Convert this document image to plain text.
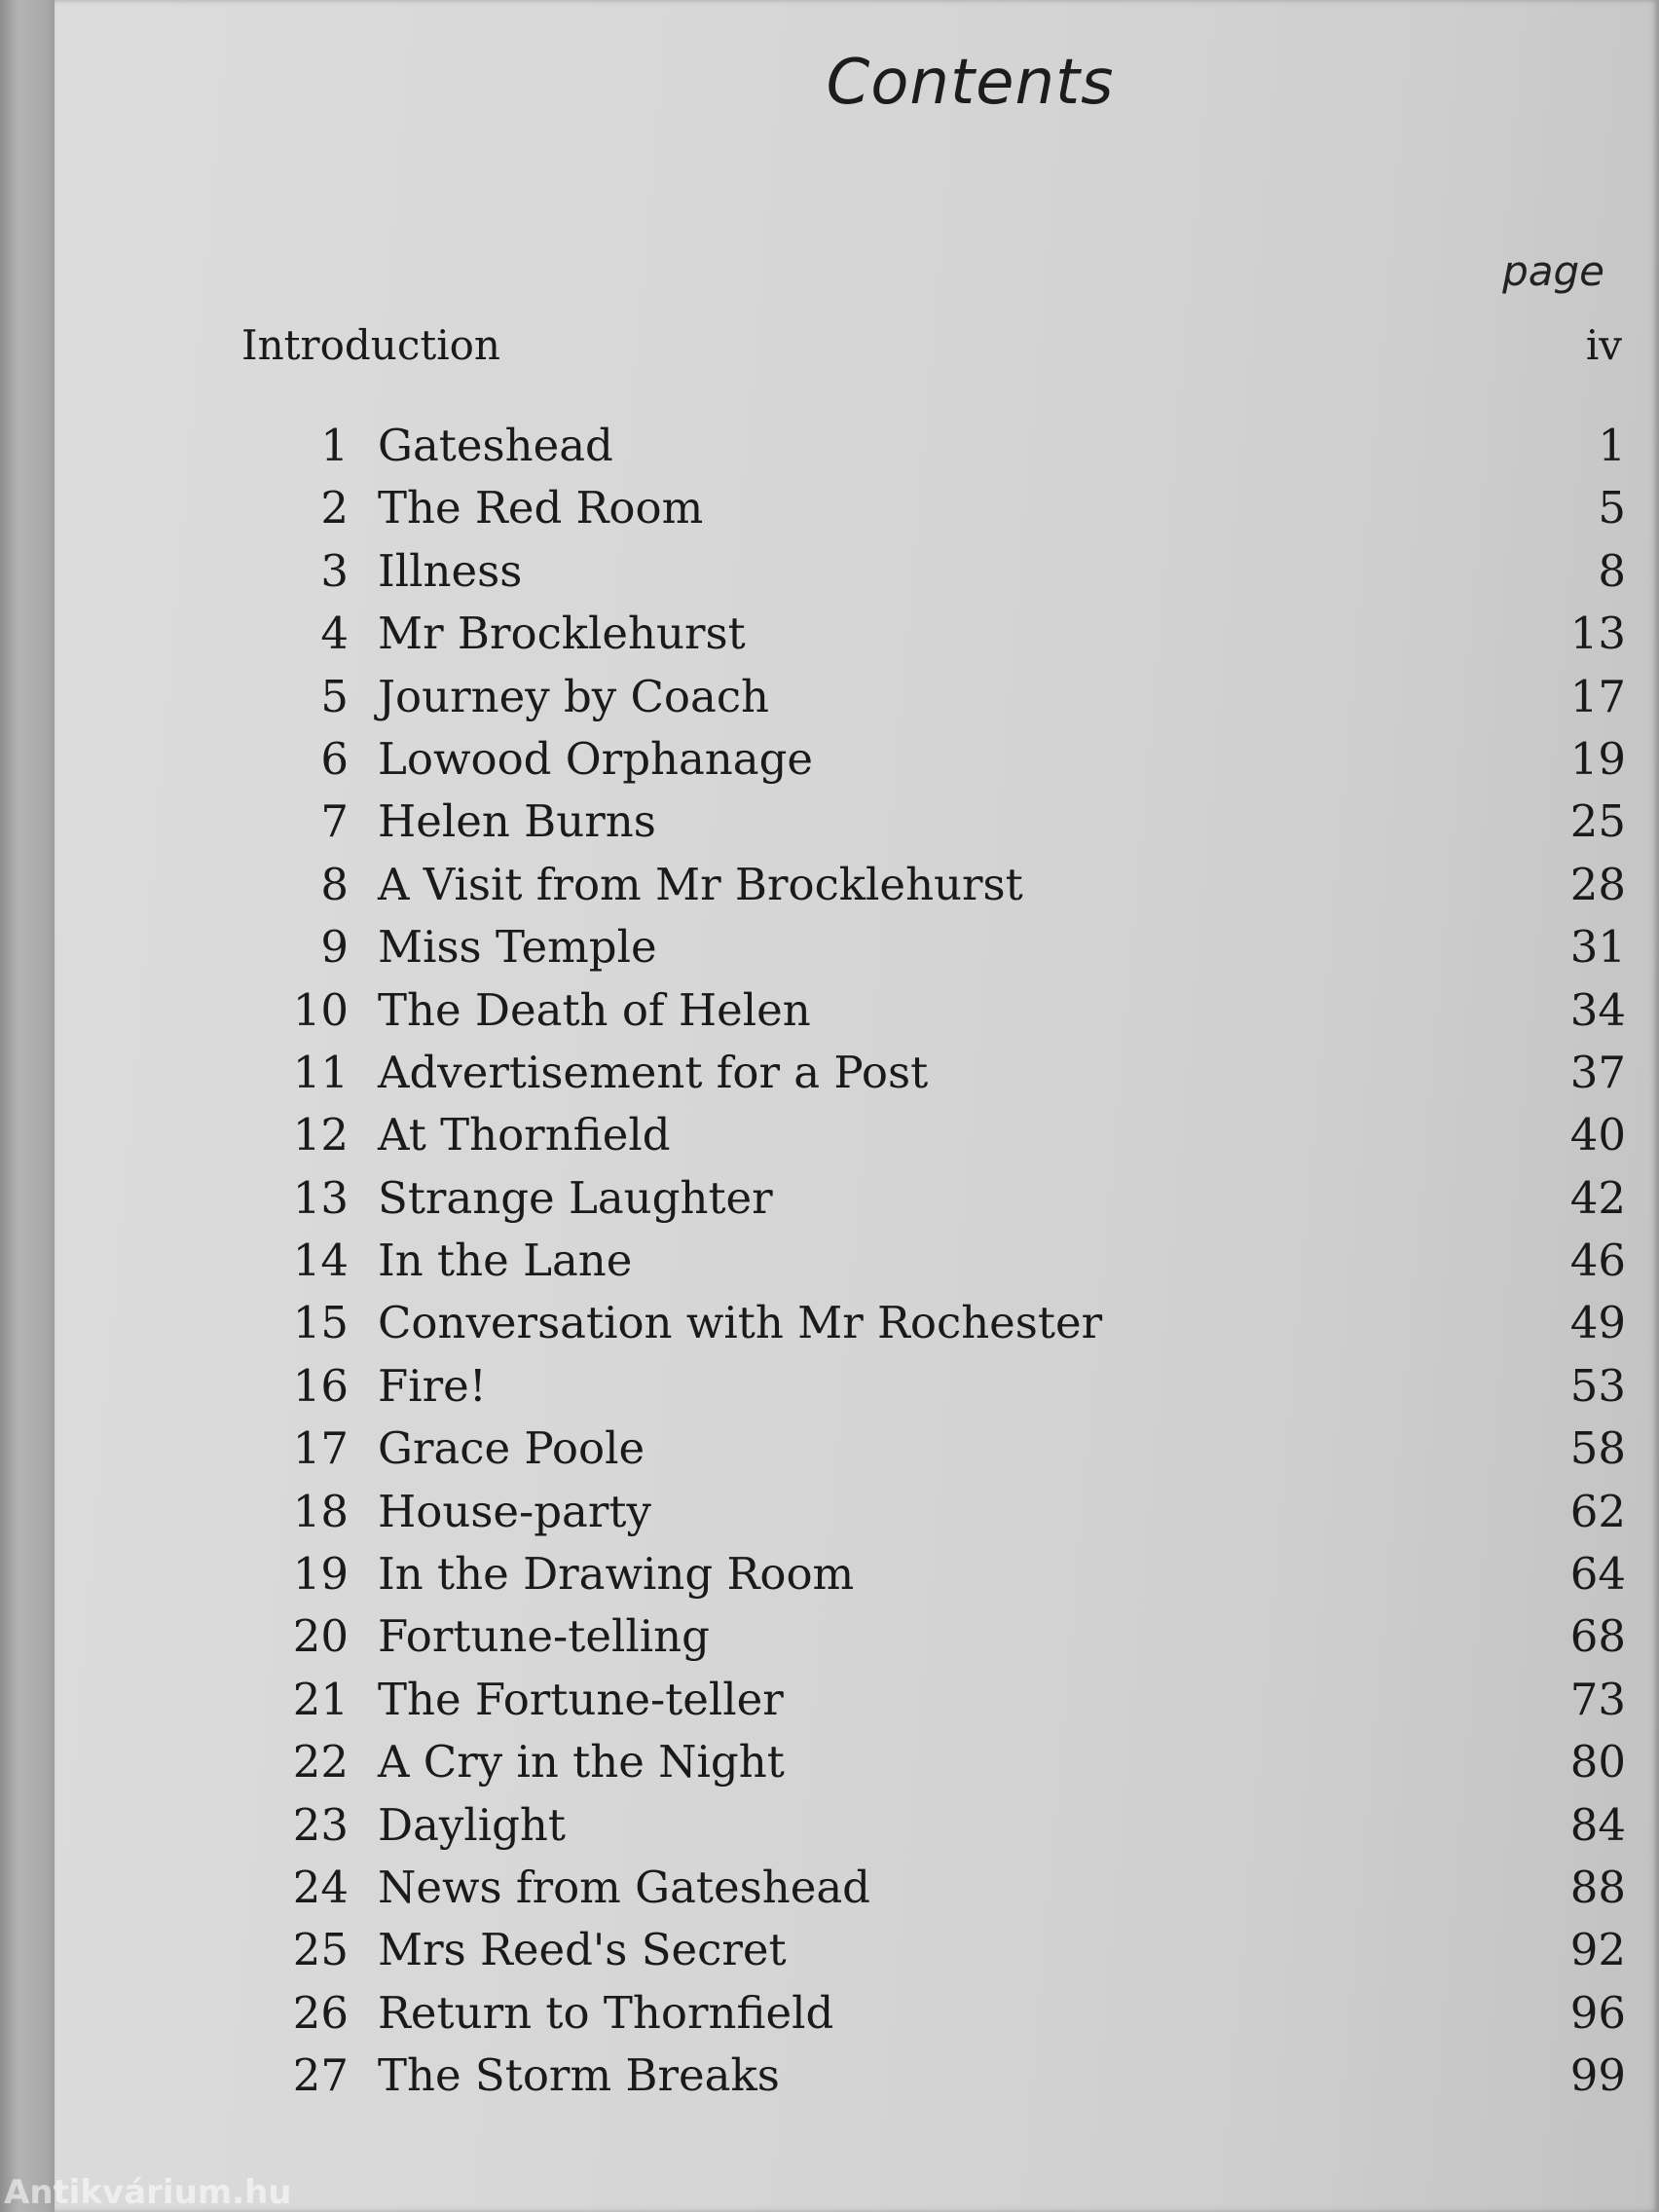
Contents
page
Introduction	iv
1 Gateshead	1
2 The Red Room	5
3 Illness	8
4 Mr Brocklehurst	13
5 Journey by Coach	17
6 Lowood Orphanage	19
7 Helen Burns	25
8 A Visit from Mr Brocklehurst	28
9 Miss Temple	31
10 The Death of Helen	34
11 Advertisement for a Post	37
12 At Thornfield	40
13 Strange Laughter	42
14 In the Lane	46
15 Conversation with Mr Rochester	49
16 Fire!	53
17 Grace Poole	58
18 House-party	62
19 In the Drawing Room	64
20 Fortune-telling	68
21 The Fortune-teller	73
22 A Cry in the Night	80
23 Daylight	84
24 News from Gateshead	88
25 Mrs Reed's Secret	92
26 Return to Thornfield	96
27 The Storm Breaks	99
Antikvárium.hu
